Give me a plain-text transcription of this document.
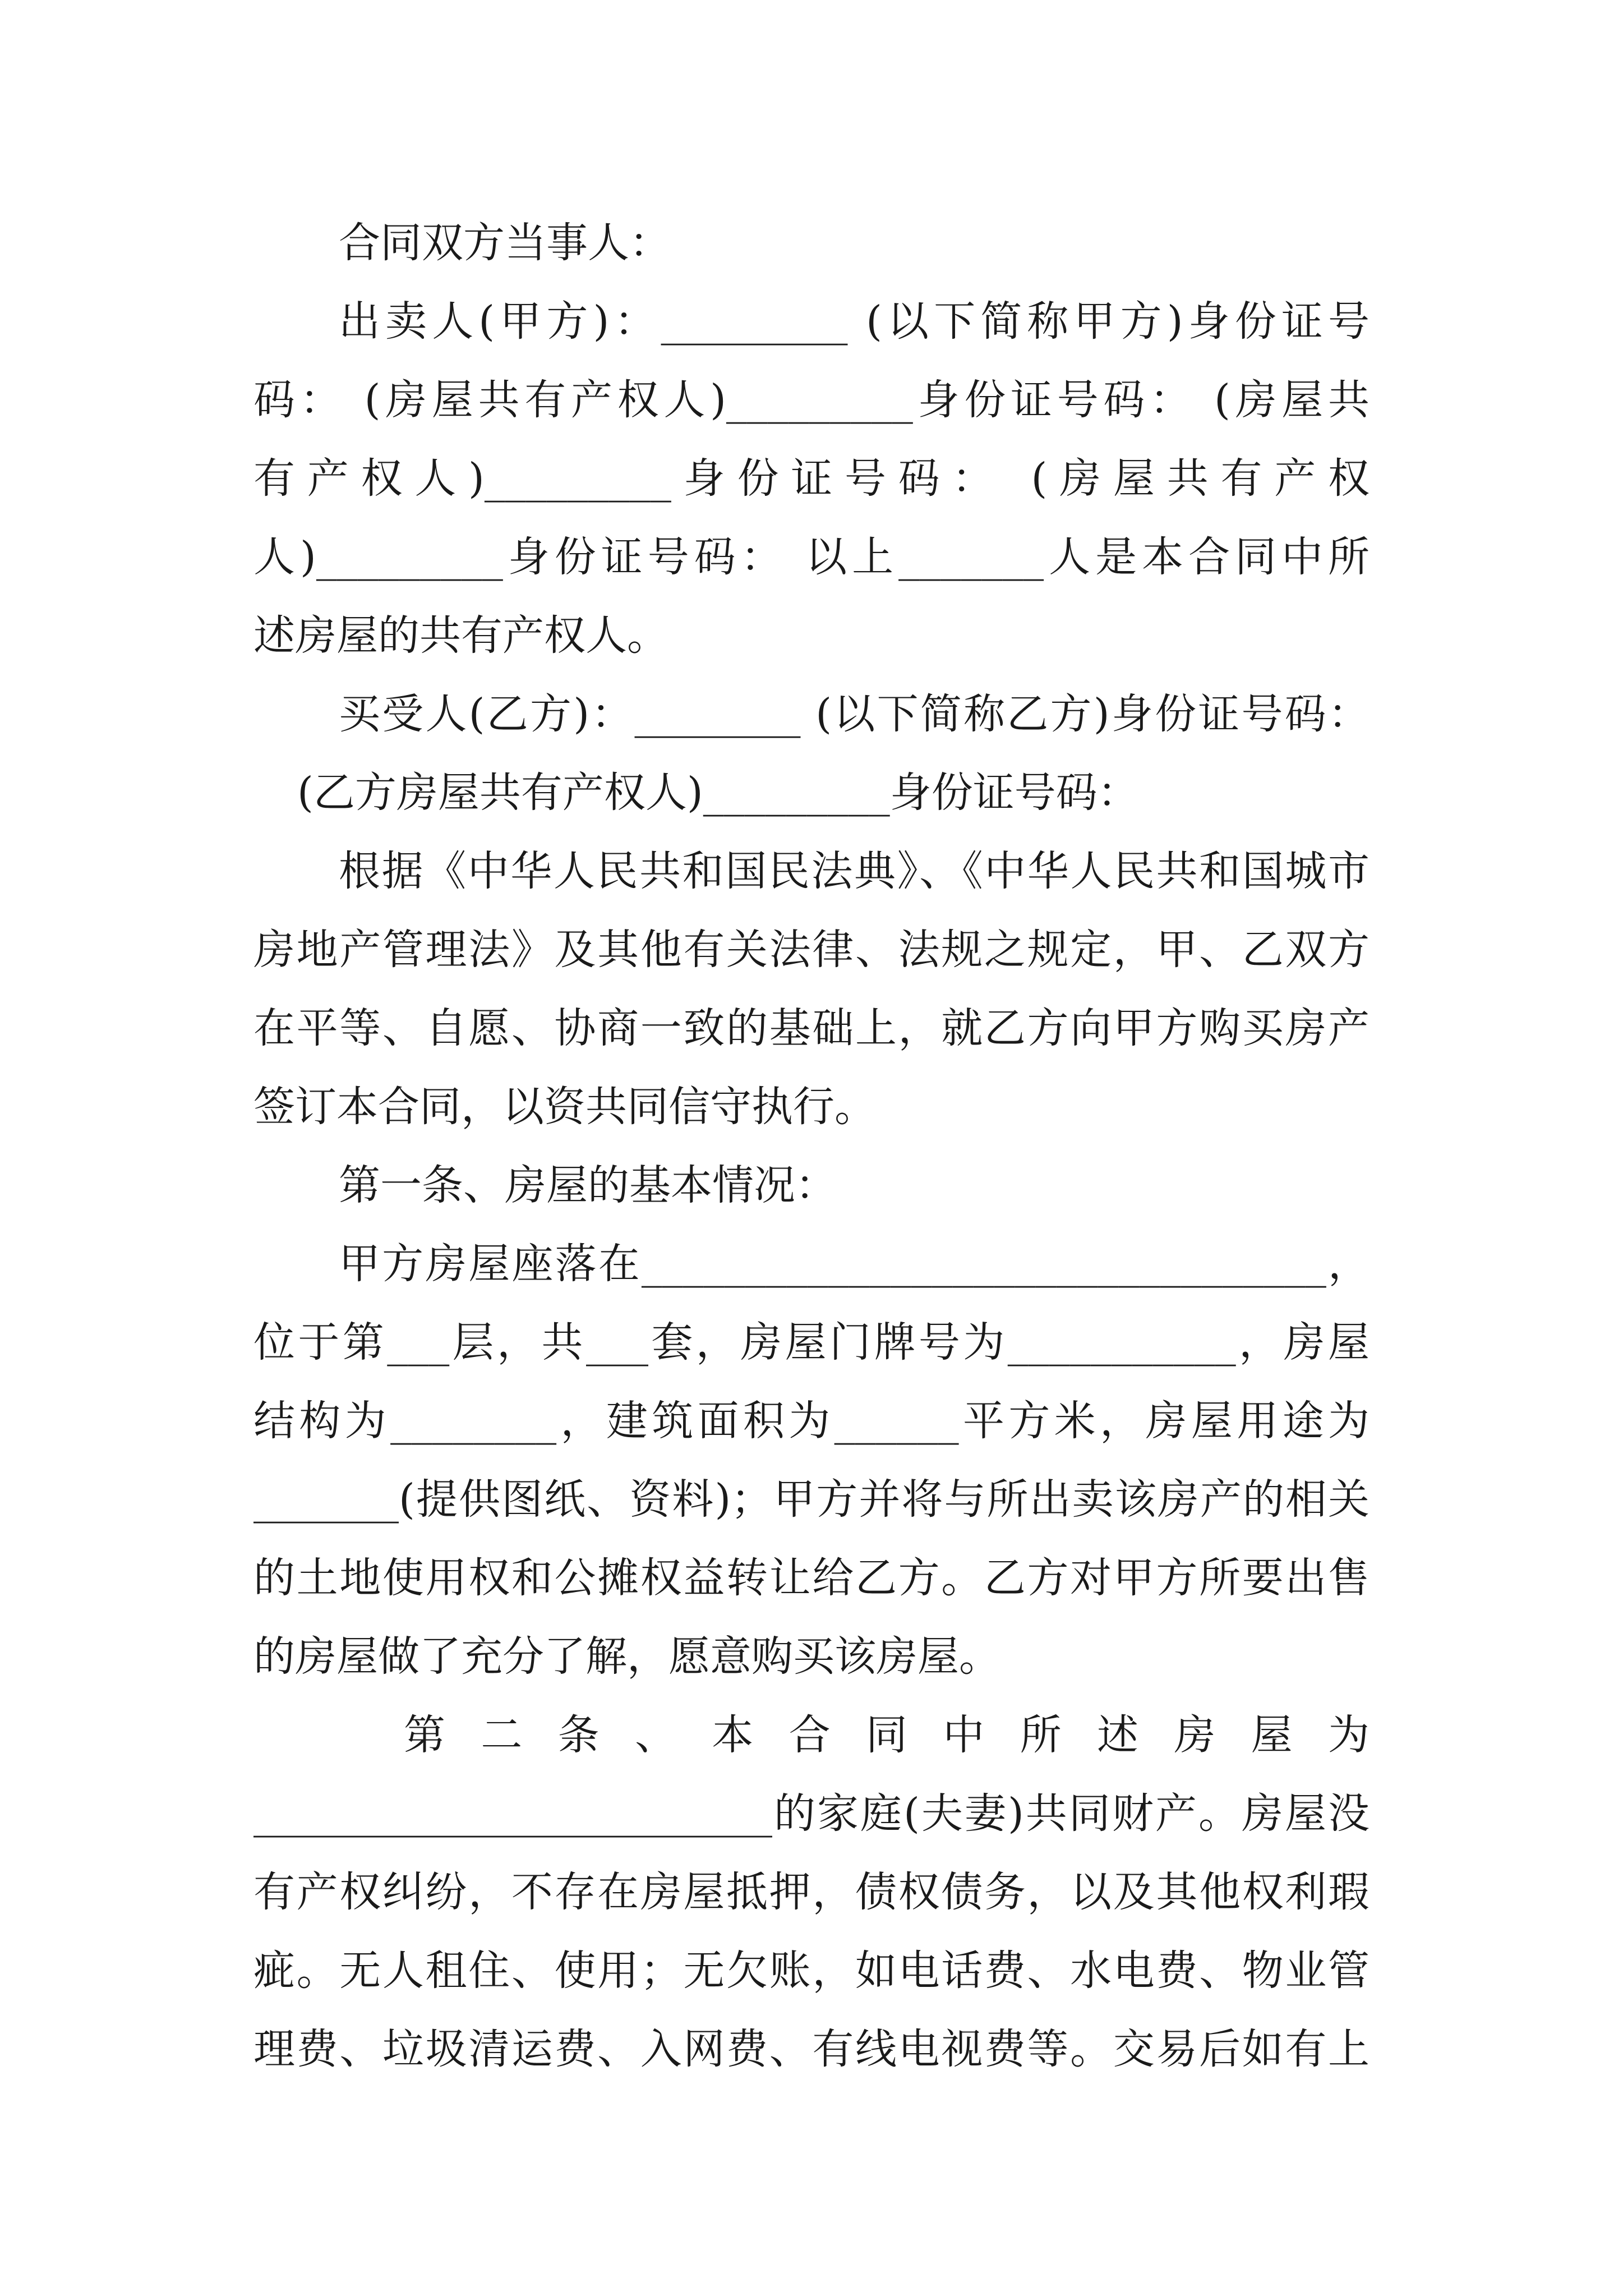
合同双方当事人：

出卖人(甲方)：_________ (以下简称甲方)身份证号

码： (房屋共有产权人)_________身份证号码： (房屋共

有产权人)_________身份证号码： (房屋共有产权

人)_________身份证号码： 以上_______人是本合同中所

述房屋的共有产权人。

买受人(乙方)：________ (以下简称乙方)身份证号码：

(乙方房屋共有产权人)_________身份证号码：

根据《中华人民共和国民法典》、《中华人民共和国城市

房地产管理法》及其他有关法律、法规之规定，甲、乙双方

在平等、自愿、协商一致的基础上，就乙方向甲方购买房产

签订本合同，以资共同信守执行。

第一条、房屋的基本情况：

甲方房屋座落在_________________________________，

位于第___层，共___套，房屋门牌号为___________，房屋

结构为________，建筑面积为______平方米，房屋用途为

_______(提供图纸、资料)；甲方并将与所出卖该房产的相关

的土地使用权和公摊权益转让给乙方。乙方对甲方所要出售

的房屋做了充分了解，愿意购买该房屋。

第 二 条 、 本 合 同 中 所 述 房 屋 为

_________________________的家庭(夫妻)共同财产。房屋没

有产权纠纷，不存在房屋抵押，债权债务，以及其他权利瑕

疵。无人租住、使用；无欠账，如电话费、水电费、物业管

理费、垃圾清运费、入网费、有线电视费等。交易后如有上
